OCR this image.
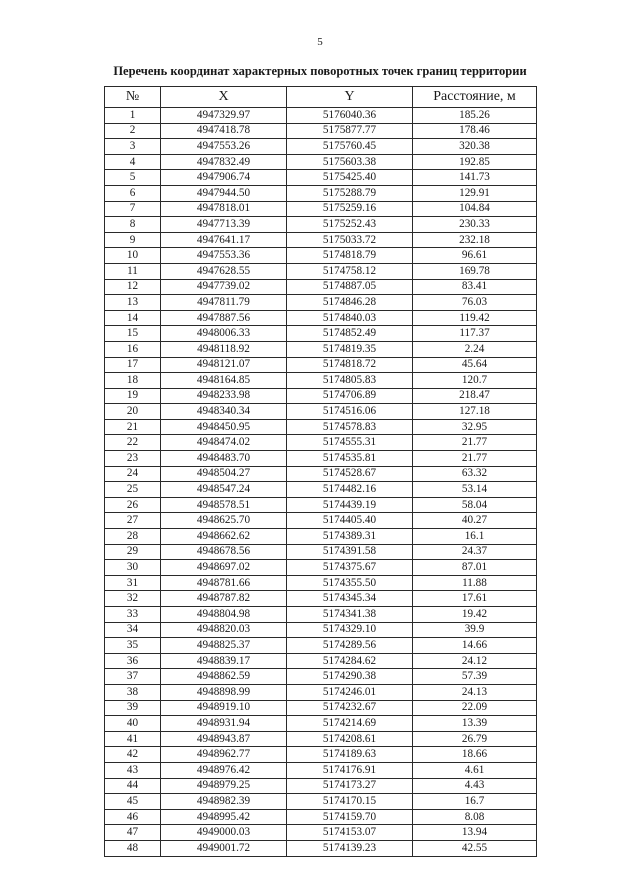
5
Перечень координат характерных поворотных точек границ территории
№	X	Y	Расстояние, м
1	4947329.97	5176040.36	185.26
2	4947418.78	5175877.77	178.46
3	4947553.26	5175760.45	320.38
4	4947832.49	5175603.38	192.85
5	4947906.74	5175425.40	141.73
6	4947944.50	5175288.79	129.91
7	4947818.01	5175259.16	104.84
8	4947713.39	5175252.43	230.33
9	4947641.17	5175033.72	232.18
10	4947553.36	5174818.79	96.61
11	4947628.55	5174758.12	169.78
12	4947739.02	5174887.05	83.41
13	4947811.79	5174846.28	76.03
14	4947887.56	5174840.03	119.42
15	4948006.33	5174852.49	117.37
16	4948118.92	5174819.35	2.24
17	4948121.07	5174818.72	45.64
18	4948164.85	5174805.83	120.7
19	4948233.98	5174706.89	218.47
20	4948340.34	5174516.06	127.18
21	4948450.95	5174578.83	32.95
22	4948474.02	5174555.31	21.77
23	4948483.70	5174535.81	21.77
24	4948504.27	5174528.67	63.32
25	4948547.24	5174482.16	53.14
26	4948578.51	5174439.19	58.04
27	4948625.70	5174405.40	40.27
28	4948662.62	5174389.31	16.1
29	4948678.56	5174391.58	24.37
30	4948697.02	5174375.67	87.01
31	4948781.66	5174355.50	11.88
32	4948787.82	5174345.34	17.61
33	4948804.98	5174341.38	19.42
34	4948820.03	5174329.10	39.9
35	4948825.37	5174289.56	14.66
36	4948839.17	5174284.62	24.12
37	4948862.59	5174290.38	57.39
38	4948898.99	5174246.01	24.13
39	4948919.10	5174232.67	22.09
40	4948931.94	5174214.69	13.39
41	4948943.87	5174208.61	26.79
42	4948962.77	5174189.63	18.66
43	4948976.42	5174176.91	4.61
44	4948979.25	5174173.27	4.43
45	4948982.39	5174170.15	16.7
46	4948995.42	5174159.70	8.08
47	4949000.03	5174153.07	13.94
48	4949001.72	5174139.23	42.55
